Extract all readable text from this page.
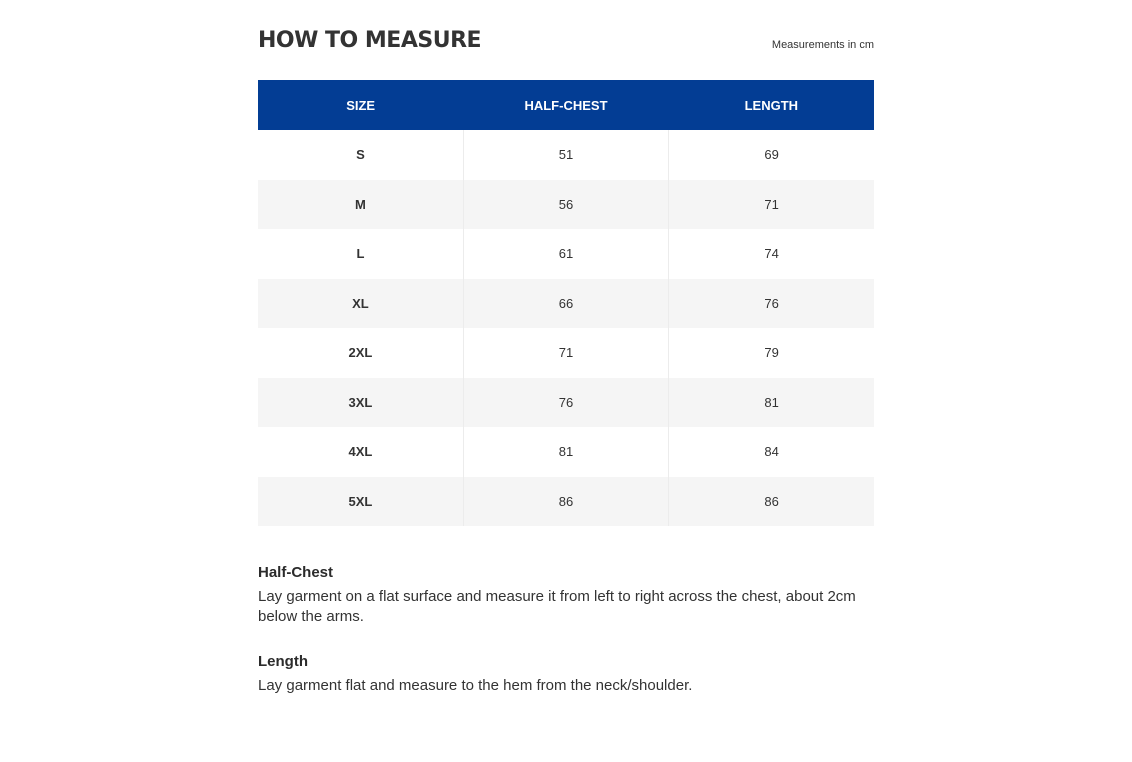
HOW TO MEASURE	Measurements in cm
SIZE	HALF-CHEST	LENGTH
S	51	69
M	56	71
L	61	74
XL	66	76
2XL	71	79
3XL	76	81
4XL	81	84
5XL	86	86

Half-Chest

Lay garment on a flat surface and measure it from left to right across the chest, about 2cm below the arms.

Length

Lay garment flat and measure to the hem from the neck/shoulder.
